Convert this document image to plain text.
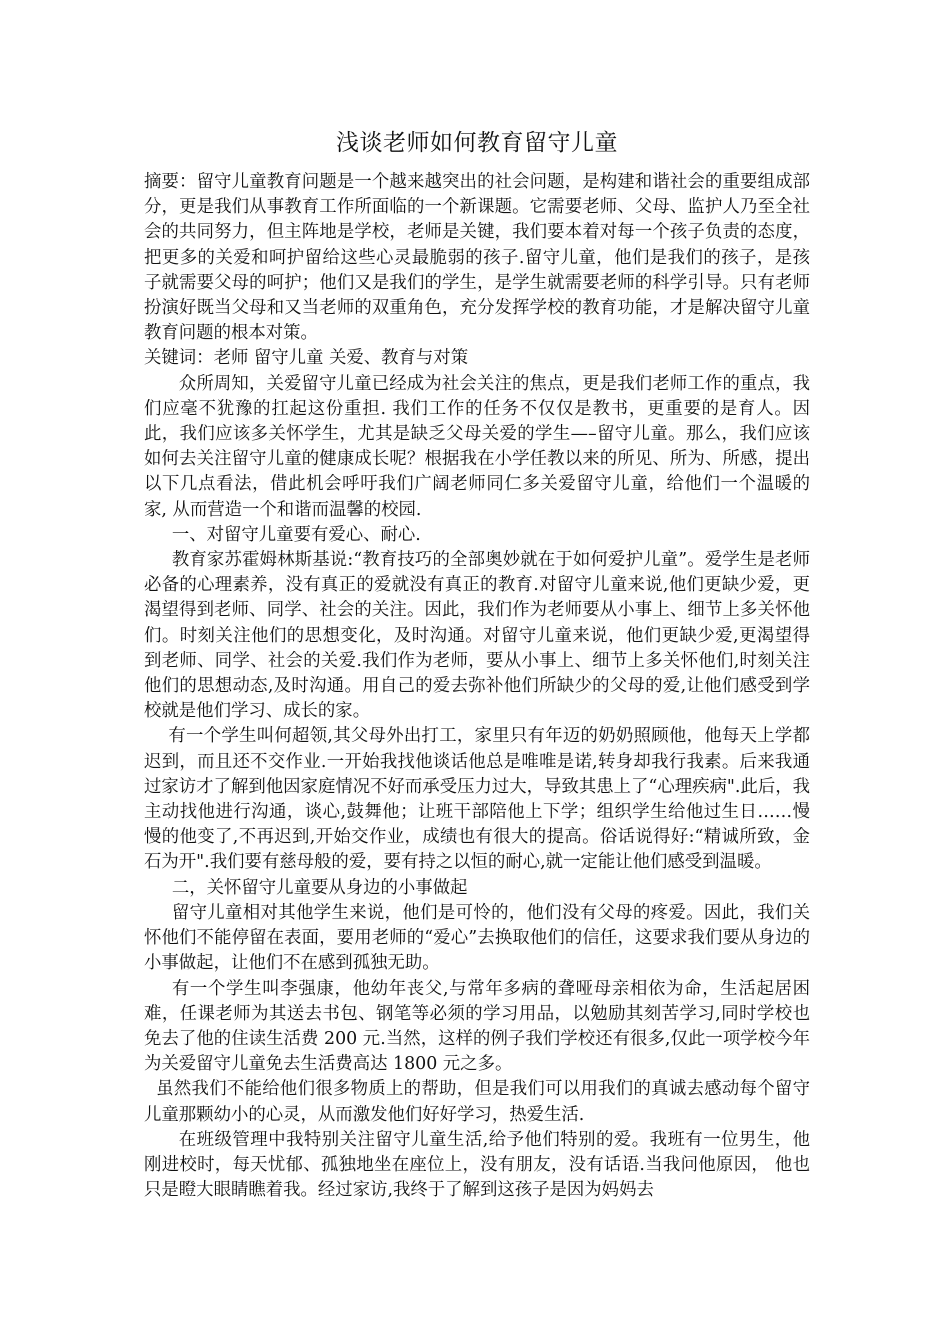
浅谈老师如何教育留守儿童

摘要：留守儿童教育问题是一个越来越突出的社会问题，是构建和谐社会的重要组成部分，更是我们从事教育工作所面临的一个新课题。它需要老师、父母、监护人乃至全社会的共同努力，但主阵地是学校，老师是关键，我们要本着对每一个孩子负责的态度，把更多的关爱和呵护留给这些心灵最脆弱的孩子.留守儿童，他们是我们的孩子，是孩子就需要父母的呵护；他们又是我们的学生，是学生就需要老师的科学引导。只有老师扮演好既当父母和又当老师的双重角色，充分发挥学校的教育功能，才是解决留守儿童教育问题的根本对策。

关键词：老师 留守儿童 关爱、教育与对策

众所周知，关爱留守儿童已经成为社会关注的焦点，更是我们老师工作的重点，我们应毫不犹豫的扛起这份重担. 我们工作的任务不仅仅是教书，更重要的是育人。因此，我们应该多关怀学生，尤其是缺乏父母关爱的学生—–留守儿童。那么，我们应该如何去关注留守儿童的健康成长呢？根据我在小学任教以来的所见、所为、所感，提出以下几点看法，借此机会呼吁我们广阔老师同仁多关爱留守儿童，给他们一个温暖的家, 从而营造一个和谐而温馨的校园.

一、对留守儿童要有爱心、耐心.

教育家苏霍姆林斯基说:“教育技巧的全部奥妙就在于如何爱护儿童”。爱学生是老师必备的心理素养，没有真正的爱就没有真正的教育.对留守儿童来说,他们更缺少爱，更渴望得到老师、同学、社会的关注。因此，我们作为老师要从小事上、细节上多关怀他们。时刻关注他们的思想变化，及时沟通。对留守儿童来说，他们更缺少爱,更渴望得到老师、同学、社会的关爱.我们作为老师，要从小事上、细节上多关怀他们,时刻关注他们的思想动态,及时沟通。用自己的爱去弥补他们所缺少的父母的爱,让他们感受到学校就是他们学习、成长的家。

有一个学生叫何超领,其父母外出打工，家里只有年迈的奶奶照顾他，他每天上学都迟到，而且还不交作业.一开始我找他谈话他总是唯唯是诺,转身却我行我素。后来我通过家访才了解到他因家庭情况不好而承受压力过大，导致其患上了“心理疾病".此后，我主动找他进行沟通，谈心,鼓舞他；让班干部陪他上下学；组织学生给他过生日……慢慢的他变了,不再迟到,开始交作业，成绩也有很大的提高。俗话说得好:“精诚所致，金石为开".我们要有慈母般的爱，要有持之以恒的耐心,就一定能让他们感受到温暖。

二，关怀留守儿童要从身边的小事做起

留守儿童相对其他学生来说，他们是可怜的，他们没有父母的疼爱。因此，我们关怀他们不能停留在表面，要用老师的“爱心”去换取他们的信任，这要求我们要从身边的小事做起，让他们不在感到孤独无助。

有一个学生叫李强康，他幼年丧父,与常年多病的聋哑母亲相依为命，生活起居困难，任课老师为其送去书包、钢笔等必须的学习用品，以勉励其刻苦学习,同时学校也免去了他的住读生活费 200 元.当然，这样的例子我们学校还有很多,仅此一项学校今年为关爱留守儿童免去生活费高达 1800 元之多。

虽然我们不能给他们很多物质上的帮助，但是我们可以用我们的真诚去感动每个留守儿童那颗幼小的心灵，从而激发他们好好学习，热爱生活.

在班级管理中我特别关注留守儿童生活,给予他们特别的爱。我班有一位男生，他刚进校时，每天忧郁、孤独地坐在座位上，没有朋友，没有话语.当我问他原因， 他也只是瞪大眼睛瞧着我。经过家访,我终于了解到这孩子是因为妈妈去
